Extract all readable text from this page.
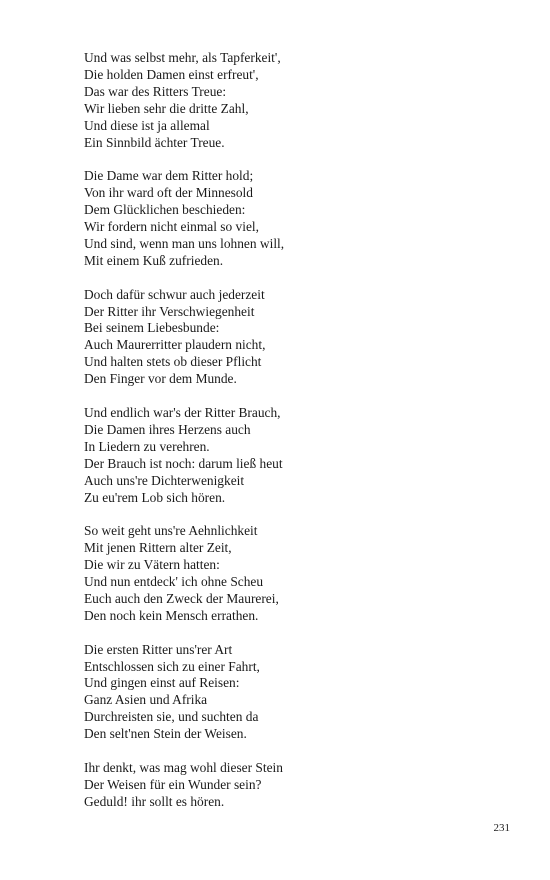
Und was selbst mehr, als Tapferkeit',
Die holden Damen einst erfreut',
Das war des Ritters Treue:
Wir lieben sehr die dritte Zahl,
Und diese ist ja allemal
Ein Sinnbild ächter Treue.
Die Dame war dem Ritter hold;
Von ihr ward oft der Minnesold
Dem Glücklichen beschieden:
Wir fordern nicht einmal so viel,
Und sind, wenn man uns lohnen will,
Mit einem Kuß zufrieden.
Doch dafür schwur auch jederzeit
Der Ritter ihr Verschwiegenheit
Bei seinem Liebesbunde:
Auch Maurerritter plaudern nicht,
Und halten stets ob dieser Pflicht
Den Finger vor dem Munde.
Und endlich war's der Ritter Brauch,
Die Damen ihres Herzens auch
In Liedern zu verehren.
Der Brauch ist noch: darum ließ heut
Auch uns're Dichterwenigkeit
Zu eu'rem Lob sich hören.
So weit geht uns're Aehnlichkeit
Mit jenen Rittern alter Zeit,
Die wir zu Vätern hatten:
Und nun entdeck' ich ohne Scheu
Euch auch den Zweck der Maurerei,
Den noch kein Mensch errathen.
Die ersten Ritter uns'rer Art
Entschlossen sich zu einer Fahrt,
Und gingen einst auf Reisen:
Ganz Asien und Afrika
Durchreisten sie, und suchten da
Den selt'nen Stein der Weisen.
Ihr denkt, was mag wohl dieser Stein
Der Weisen für ein Wunder sein?
Geduld! ihr sollt es hören.
231
